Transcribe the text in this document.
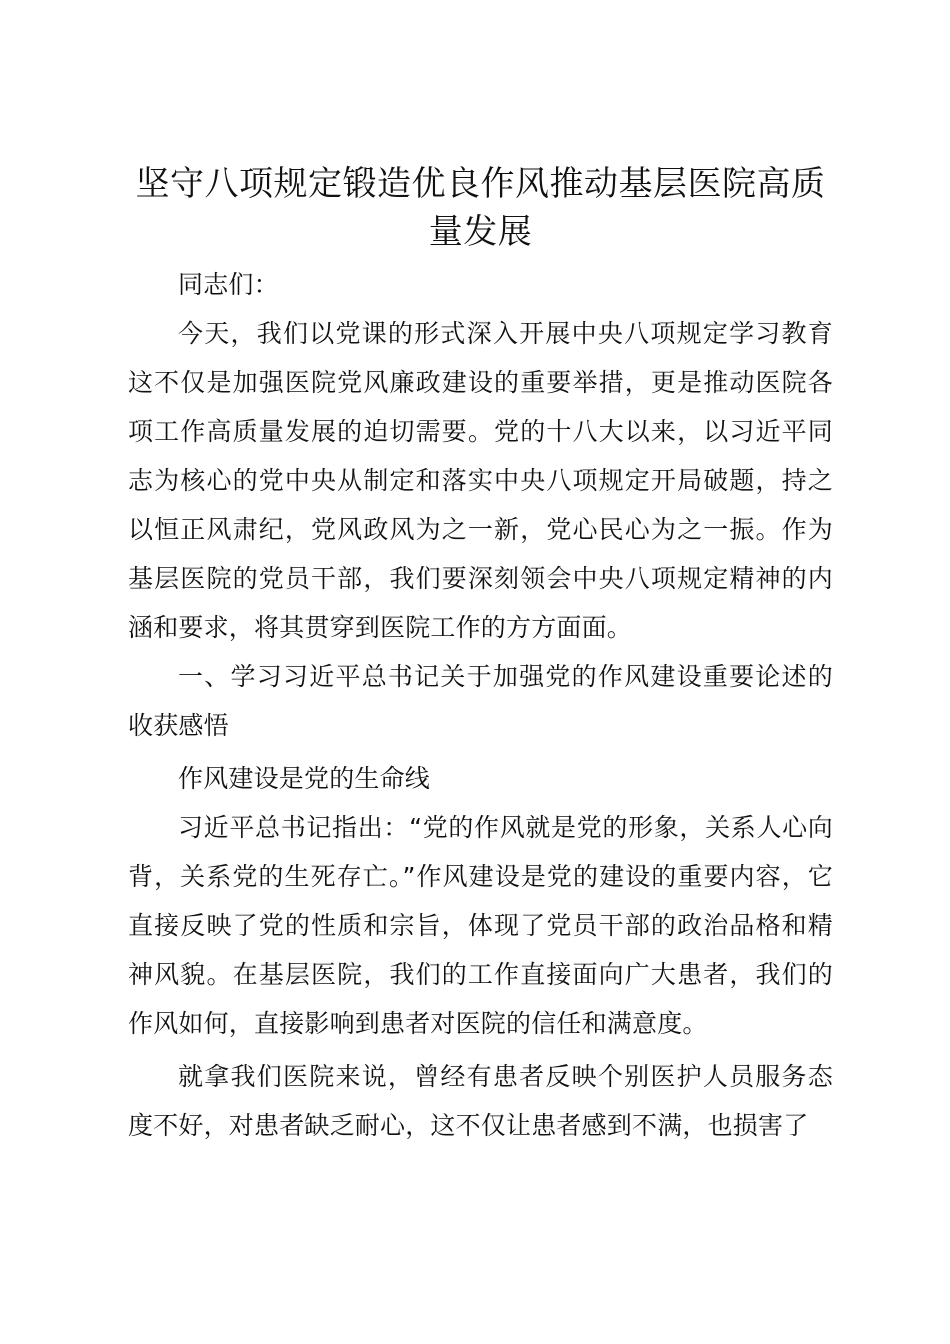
坚守八项规定锻造优良作风推动基层医院高质量发展

同志们：

今天，我们以党课的形式深入开展中央八项规定学习教育这不仅是加强医院党风廉政建设的重要举措，更是推动医院各项工作高质量发展的迫切需要。党的十八大以来，以习近平同志为核心的党中央从制定和落实中央八项规定开局破题，持之以恒正风肃纪，党风政风为之一新，党心民心为之一振。作为基层医院的党员干部，我们要深刻领会中央八项规定精神的内涵和要求，将其贯穿到医院工作的方方面面。

一、学习习近平总书记关于加强党的作风建设重要论述的收获感悟

作风建设是党的生命线

习近平总书记指出：“党的作风就是党的形象，关系人心向背，关系党的生死存亡。”作风建设是党的建设的重要内容，它直接反映了党的性质和宗旨，体现了党员干部的政治品格和精神风貌。在基层医院，我们的工作直接面向广大患者，我们的作风如何，直接影响到患者对医院的信任和满意度。

就拿我们医院来说，曾经有患者反映个别医护人员服务态度不好，对患者缺乏耐心，这不仅让患者感到不满，也损害了
